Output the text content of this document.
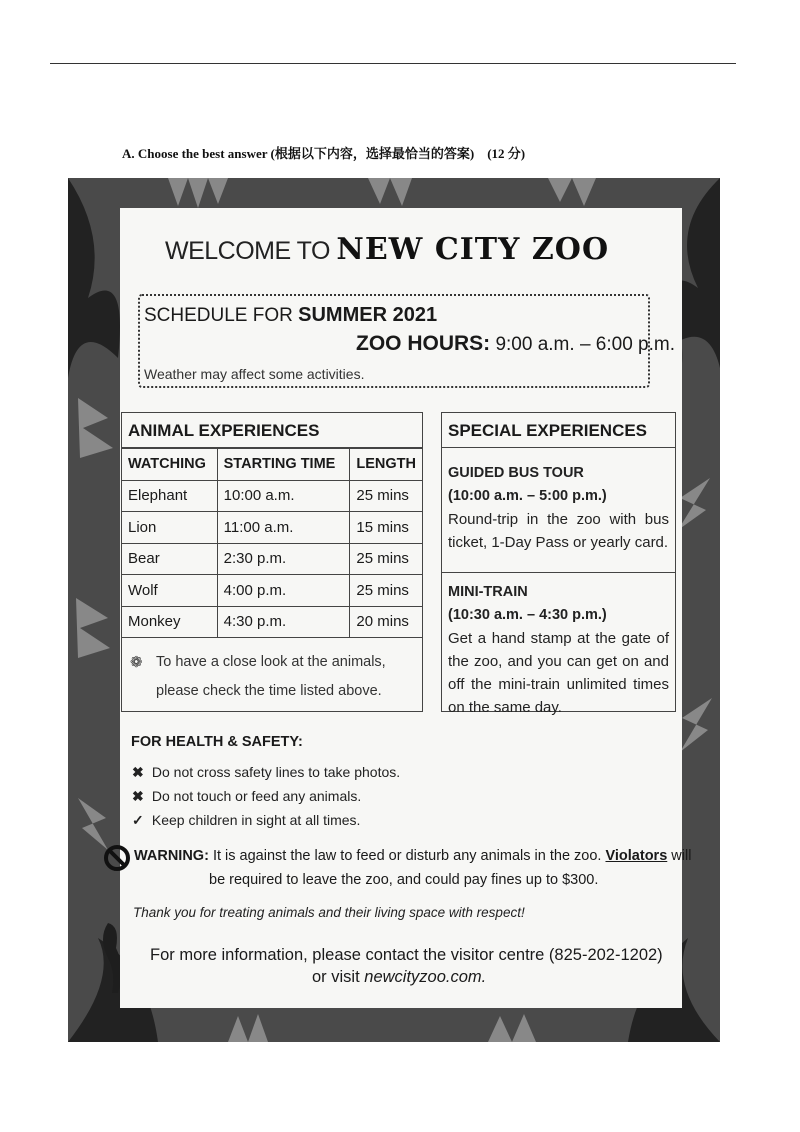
A. Choose the best answer (根据以下内容，选择最恰当的答案)　(12 分)
WELCOME TO NEW CITY ZOO
SCHEDULE FOR SUMMER 2021
ZOO HOURS: 9:00 a.m. – 6:00 p.m.
Weather may affect some activities.
ANIMAL EXPERIENCES
WATCHING	STARTING TIME	LENGTH
Elephant	10:00 a.m.	25 mins
Lion	11:00 a.m.	15 mins
Bear	2:30 p.m.	25 mins
Wolf	4:00 p.m.	25 mins
Monkey	4:30 p.m.	20 mins
❁ To have a close look at the animals, please check the time listed above.
SPECIAL EXPERIENCES
GUIDED BUS TOUR
(10:00 a.m. – 5:00 p.m.)
Round-trip in the zoo with bus ticket, 1-Day Pass or yearly card.
MINI-TRAIN
(10:30 a.m. – 4:30 p.m.)
Get a hand stamp at the gate of the zoo, and you can get on and off the mini-train unlimited times on the same day.
FOR HEALTH & SAFETY:
✖ Do not cross safety lines to take photos.
✖ Do not touch or feed any animals.
✓ Keep children in sight at all times.
WARNING: It is against the law to feed or disturb any animals in the zoo. Violators will
be required to leave the zoo, and could pay fines up to $300.
Thank you for treating animals and their living space with respect!
For more information, please contact the visitor centre (825-202-1202)
or visit newcityzoo.com.
